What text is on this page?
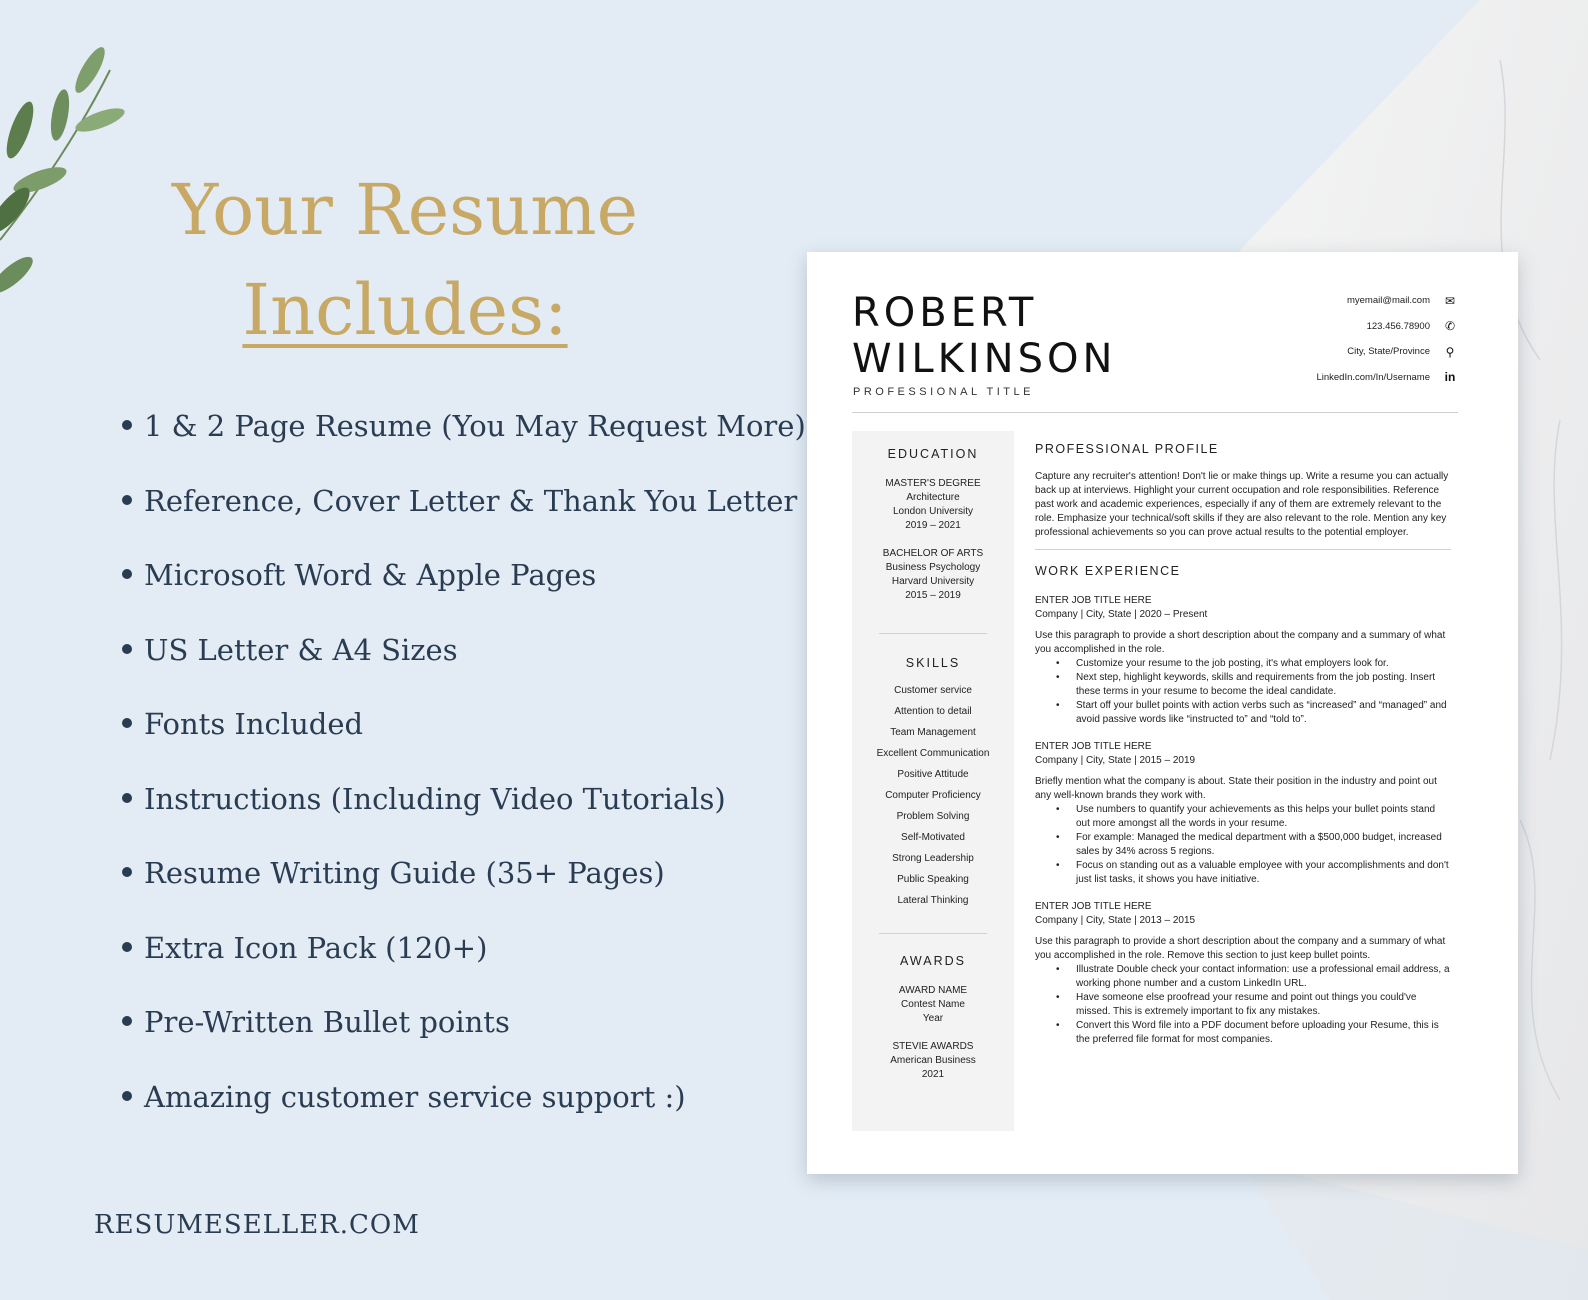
Your Resume
Includes:
1 & 2 Page Resume (You May Request More)
Reference, Cover Letter & Thank You Letter
Microsoft Word & Apple Pages
US Letter & A4 Sizes
Fonts Included
Instructions (Including Video Tutorials)
Resume Writing Guide (35+ Pages)
Extra Icon Pack (120+)
Pre-Written Bullet points
Amazing customer service support :)
RESUMESELLER.COM
ROBERT
WILKINSON
PROFESSIONAL TITLE
myemail@mail.com ✉
123.456.78900 ✆
City, State/Province ⚲
LinkedIn.com/In/Username in
EDUCATION
MASTER'S DEGREE
Architecture
London University
2019 – 2021
BACHELOR OF ARTS
Business Psychology
Harvard University
2015 – 2019
SKILLS
Customer service
Attention to detail
Team Management
Excellent Communication
Positive Attitude
Computer Proficiency
Problem Solving
Self-Motivated
Strong Leadership
Public Speaking
Lateral Thinking
AWARDS
AWARD NAME
Contest Name
Year
STEVIE AWARDS
American Business
2021
PROFESSIONAL PROFILE

Capture any recruiter's attention! Don't lie or make things up. Write a resume you can actually back up at interviews. Highlight your current occupation and role responsibilities. Reference past work and academic experiences, especially if any of them are extremely relevant to the role. Emphasize your technical/soft skills if they are also relevant to the role. Mention any key professional achievements so you can prove actual results to the potential employer.

WORK EXPERIENCE
ENTER JOB TITLE HERE
Company | City, State | 2020 – Present

Use this paragraph to provide a short description about the company and a summary of what you accomplished in the role.

• Customize your resume to the job posting, it's what employers look for.
• Next step, highlight keywords, skills and requirements from the job posting. Insert these terms in your resume to become the ideal candidate.
• Start off your bullet points with action verbs such as “increased” and “managed” and avoid passive words like “instructed to” and “told to”.
ENTER JOB TITLE HERE
Company | City, State | 2015 – 2019

Briefly mention what the company is about. State their position in the industry and point out any well-known brands they work with.

• Use numbers to quantify your achievements as this helps your bullet points stand out more amongst all the words in your resume.
• For example: Managed the medical department with a $500,000 budget, increased sales by 34% across 5 regions.
• Focus on standing out as a valuable employee with your accomplishments and don't just list tasks, it shows you have initiative.
ENTER JOB TITLE HERE
Company | City, State | 2013 – 2015

Use this paragraph to provide a short description about the company and a summary of what you accomplished in the role. Remove this section to just keep bullet points.

• Illustrate Double check your contact information: use a professional email address, a working phone number and a custom LinkedIn URL.
• Have someone else proofread your resume and point out things you could've missed. This is extremely important to fix any mistakes.
• Convert this Word file into a PDF document before uploading your Resume, this is the preferred file format for most companies.
